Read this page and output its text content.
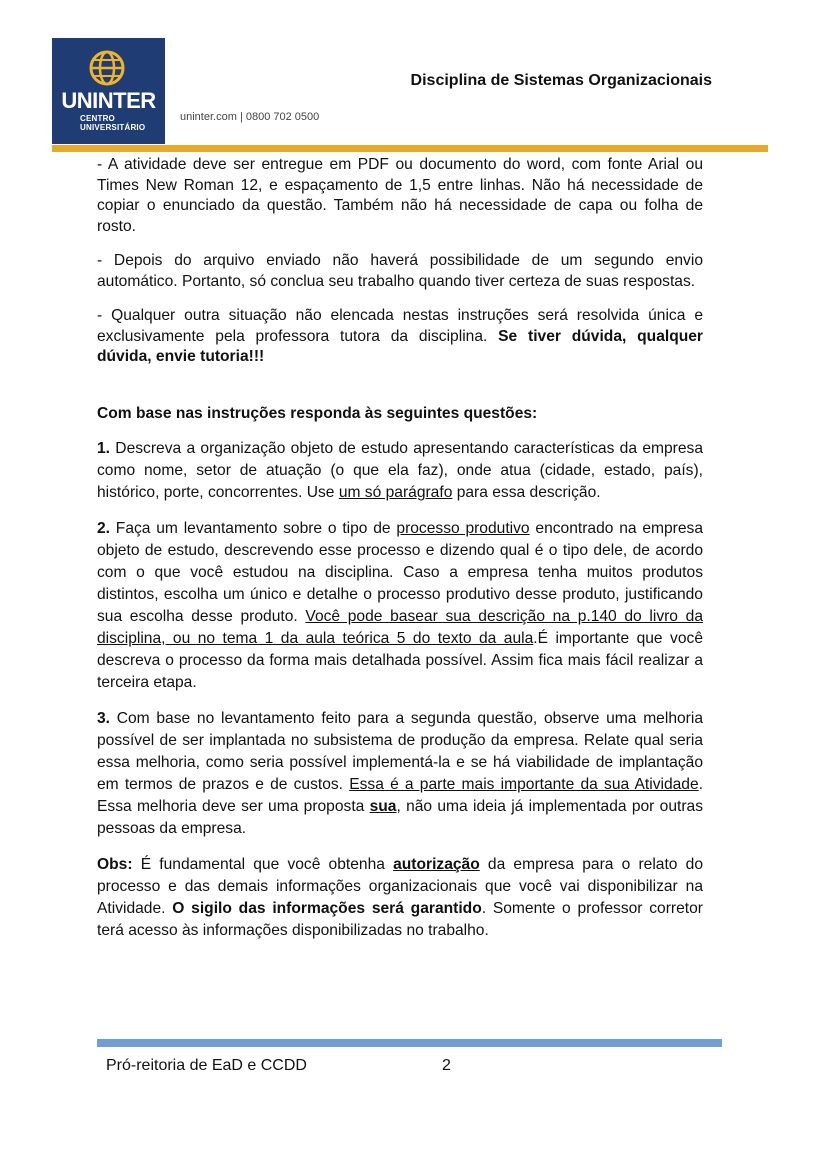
UNINTER
CENTRO
UNIVERSITÁRIO
uninter.com | 0800 702 0500
Disciplina de Sistemas Organizacionais

- A atividade deve ser entregue em PDF ou documento do word, com fonte Arial ou Times New Roman 12, e espaçamento de 1,5 entre linhas. Não há necessidade de copiar o enunciado da questão. Também não há necessidade de capa ou folha de rosto.

- Depois do arquivo enviado não haverá possibilidade de um segundo envio automático. Portanto, só conclua seu trabalho quando tiver certeza de suas respostas.

- Qualquer outra situação não elencada nestas instruções será resolvida única e exclusivamente pela professora tutora da disciplina. Se tiver dúvida, qualquer dúvida, envie tutoria!!!

Com base nas instruções responda às seguintes questões:

1. Descreva a organização objeto de estudo apresentando características da empresa como nome, setor de atuação (o que ela faz), onde atua (cidade, estado, país), histórico, porte, concorrentes. Use um só parágrafo para essa descrição.

2. Faça um levantamento sobre o tipo de processo produtivo encontrado na empresa objeto de estudo, descrevendo esse processo e dizendo qual é o tipo dele, de acordo com o que você estudou na disciplina. Caso a empresa tenha muitos produtos distintos, escolha um único e detalhe o processo produtivo desse produto, justificando sua escolha desse produto. Você pode basear sua descrição na p.140 do livro da disciplina, ou no tema 1 da aula teórica 5 do texto da aula.É importante que você descreva o processo da forma mais detalhada possível. Assim fica mais fácil realizar a terceira etapa.

3. Com base no levantamento feito para a segunda questão, observe uma melhoria possível de ser implantada no subsistema de produção da empresa. Relate qual seria essa melhoria, como seria possível implementá-la e se há viabilidade de implantação em termos de prazos e de custos. Essa é a parte mais importante da sua Atividade. Essa melhoria deve ser uma proposta sua, não uma ideia já implementada por outras pessoas da empresa.

Obs: É fundamental que você obtenha autorização da empresa para o relato do processo e das demais informações organizacionais que você vai disponibilizar na Atividade. O sigilo das informações será garantido. Somente o professor corretor terá acesso às informações disponibilizadas no trabalho.

Pró-reitoria de EaD e CCDD	2
